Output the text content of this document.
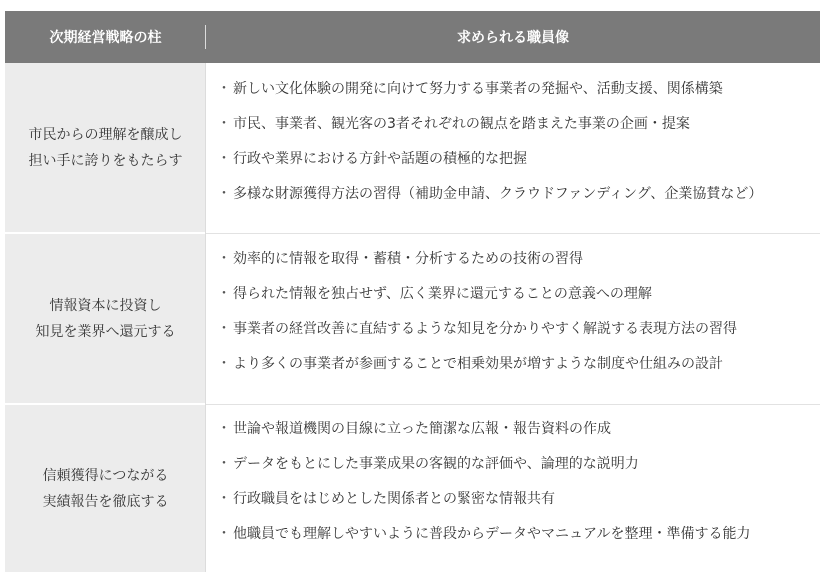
次期経営戦略の柱	求められる職員像
市民からの理解を醸成し
担い手に誇りをもたらす
・ 新しい文化体験の開発に向けて努力する事業者の発掘や、活動支援、関係構築
・ 市民、事業者、観光客の3者それぞれの観点を踏まえた事業の企画・提案
・ 行政や業界における方針や話題の積極的な把握
・ 多様な財源獲得方法の習得（補助金申請、クラウドファンディング、企業協賛など）
情報資本に投資し
知見を業界へ還元する
・ 効率的に情報を取得・蓄積・分析するための技術の習得
・ 得られた情報を独占せず、広く業界に還元することの意義への理解
・ 事業者の経営改善に直結するような知見を分かりやすく解説する表現方法の習得
・ より多くの事業者が参画することで相乗効果が増すような制度や仕組みの設計
信頼獲得につながる
実績報告を徹底する
・ 世論や報道機関の目線に立った簡潔な広報・報告資料の作成
・ データをもとにした事業成果の客観的な評価や、論理的な説明力
・ 行政職員をはじめとした関係者との緊密な情報共有
・ 他職員でも理解しやすいように普段からデータやマニュアルを整理・準備する能力
